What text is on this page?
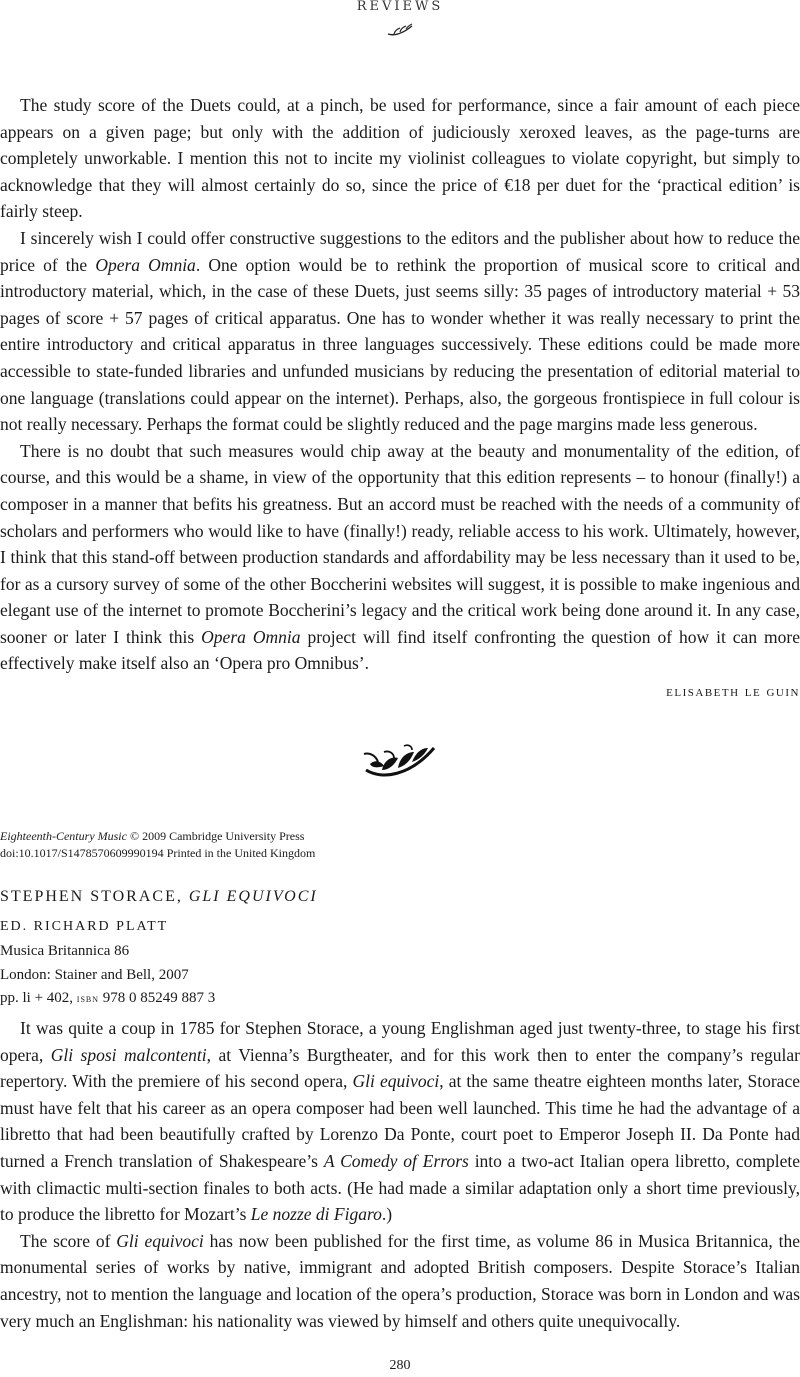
REVIEWS

The study score of the Duets could, at a pinch, be used for performance, since a fair amount of each piece appears on a given page; but only with the addition of judiciously xeroxed leaves, as the page-turns are completely unworkable. I mention this not to incite my violinist colleagues to violate copyright, but simply to acknowledge that they will almost certainly do so, since the price of €18 per duet for the ‘practical edition’ is fairly steep.

I sincerely wish I could offer constructive suggestions to the editors and the publisher about how to reduce the price of the Opera Omnia. One option would be to rethink the proportion of musical score to critical and introductory material, which, in the case of these Duets, just seems silly: 35 pages of introductory material + 53 pages of score + 57 pages of critical apparatus. One has to wonder whether it was really necessary to print the entire introductory and critical apparatus in three languages successively. These editions could be made more accessible to state-funded libraries and unfunded musicians by reducing the presentation of editorial material to one language (translations could appear on the internet). Perhaps, also, the gorgeous frontispiece in full colour is not really necessary. Perhaps the format could be slightly reduced and the page margins made less generous.

There is no doubt that such measures would chip away at the beauty and monumentality of the edition, of course, and this would be a shame, in view of the opportunity that this edition represents – to honour (finally!) a composer in a manner that befits his greatness. But an accord must be reached with the needs of a community of scholars and performers who would like to have (finally!) ready, reliable access to his work. Ultimately, however, I think that this stand-off between production standards and affordability may be less necessary than it used to be, for as a cursory survey of some of the other Boccherini websites will suggest, it is possible to make ingenious and elegant use of the internet to promote Boccherini’s legacy and the critical work being done around it. In any case, sooner or later I think this Opera Omnia project will find itself confronting the question of how it can more effectively make itself also an ‘Opera pro Omnibus’.

elisabeth le guin
Eighteenth-Century Music © 2009 Cambridge University Press
doi:10.1017/S1478570609990194 Printed in the United Kingdom
STEPHEN STORACE, GLI EQUIVOCI
ED. RICHARD PLATT
Musica Britannica 86
London: Stainer and Bell, 2007
pp. li + 402, isbn 978 0 85249 887 3

It was quite a coup in 1785 for Stephen Storace, a young Englishman aged just twenty-three, to stage his first opera, Gli sposi malcontenti, at Vienna’s Burgtheater, and for this work then to enter the company’s regular repertory. With the premiere of his second opera, Gli equivoci, at the same theatre eighteen months later, Storace must have felt that his career as an opera composer had been well launched. This time he had the advantage of a libretto that had been beautifully crafted by Lorenzo Da Ponte, court poet to Emperor Joseph II. Da Ponte had turned a French translation of Shakespeare’s A Comedy of Errors into a two-act Italian opera libretto, complete with climactic multi-section finales to both acts. (He had made a similar adaptation only a short time previously, to produce the libretto for Mozart’s Le nozze di Figaro.)

The score of Gli equivoci has now been published for the first time, as volume 86 in Musica Britannica, the monumental series of works by native, immigrant and adopted British composers. Despite Storace’s Italian ancestry, not to mention the language and location of the opera’s production, Storace was born in London and was very much an Englishman: his nationality was viewed by himself and others quite unequivocally.

280
